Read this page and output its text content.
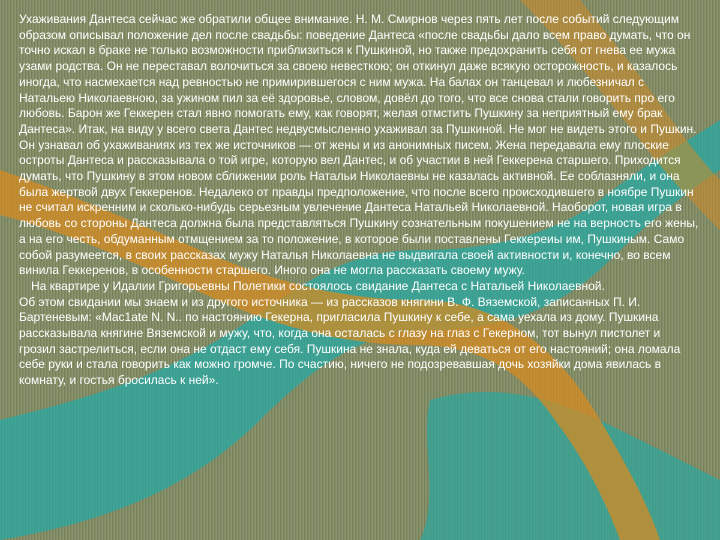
Ухаживания Дантеса сейчас же обратили общее внимание. Н. М. Смирнов через пять лет после событий следующим образом описывал положение дел после свадьбы: поведение Дантеса «после свадьбы дало всем право думать, что он точно искал в браке не только возможности приблизиться к Пушкиной, но также предохранить себя от гнева ее мужа узами родства. Он не переставал волочиться за своею невесткою; он откинул даже всякую осторожность, и казалось иногда, что насмехается над ревностью не примирившегося с ним мужа. На балах он танцевал и любезничал с Натальею Николаевною, за ужином пил за её здоровье, словом, довёл до того, что все снова стали говорить про его любовь. Барон же Геккерен стал явно помогать ему, как говорят, желая отмстить Пушкину за неприятный ему брак Дантеса». Итак, на виду у всего света Дантес недвусмысленно ухаживал за Пушкиной. Не мог не видеть этого и Пушкин.

Он узнавал об ухаживаниях из тех же источников — от жены и из анонимных писем. Жена передавала ему плоские остроты Дантеса и рассказывала о той игре, которую вел Дантес, и об участии в ней Геккерена старшего. Приходится думать, что Пушкину в этом новом сближении роль Натальи Николаевны не казалась активной. Ее соблазняли, и она была жертвой двух Геккеренов. Недалеко от правды предположение, что после всего происходившего в ноябре Пушкин не считал искренним и сколько-нибудь серьезным увлечение Дантеса Натальей Николаевной. Наоборот, новая игра в любовь со стороны Дантеса должна была представляться Пушкину сознательным покушением не на верность его жены, а на его честь, обдуманным отмщением за то положение, в которое были поставлены Геккереиы им, Пушкиным. Само собой разумеется, в своих рассказах мужу Наталья Николаевна не выдвигала своей активности и, конечно, во всем винила Геккеренов, в особенности старшего. Иного она не могла рассказать своему мужу.

На квартире у Идалии Григорьевны Полетики состоялось свидание Дантеса с Натальей Николаевной.

Об этом свидании мы знаем и из другого источника — из рассказов княгини В. Ф. Вяземской, записанных П. И. Бартеневым: «Mac1ate N. N.. по настоянию Гекерна, пригласила Пушкину к себе, а сама уехала из дому. Пушкина рассказывала княгине Вяземской и мужу, что, когда она осталась с глазу на глаз с Гекерном, тот вынул пистолет и грозил застрелиться, если она не отдаст ему себя. Пушкина не знала, куда ей деваться от его настояний; она ломала себе руки и стала говорить как можно громче. По счастию, ничего не подозревавшая дочь хозяйки дома явилась в комнату, и гостья бросилась к ней».
